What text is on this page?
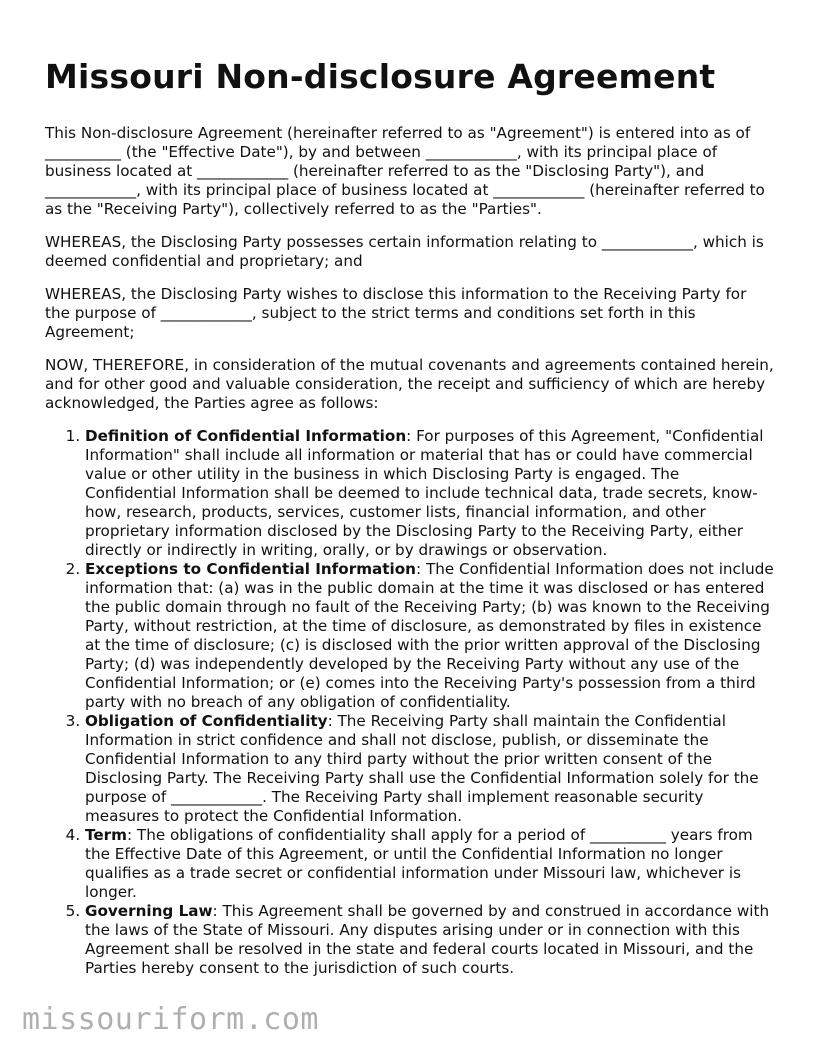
Missouri Non-disclosure Agreement

This Non-disclosure Agreement (hereinafter referred to as "Agreement") is entered into as of __________ (the "Effective Date"), by and between ____________, with its principal place of business located at ____________ (hereinafter referred to as the "Disclosing Party"), and ____________, with its principal place of business located at ____________ (hereinafter referred to as the "Receiving Party"), collectively referred to as the "Parties".

WHEREAS, the Disclosing Party possesses certain information relating to ____________, which is deemed confidential and proprietary; and

WHEREAS, the Disclosing Party wishes to disclose this information to the Receiving Party for the purpose of ____________, subject to the strict terms and conditions set forth in this Agreement;

NOW, THEREFORE, in consideration of the mutual covenants and agreements contained herein, and for other good and valuable consideration, the receipt and sufficiency of which are hereby acknowledged, the Parties agree as follows:

1. Definition of Confidential Information: For purposes of this Agreement, "Confidential Information" shall include all information or material that has or could have commercial value or other utility in the business in which Disclosing Party is engaged. The Confidential Information shall be deemed to include technical data, trade secrets, know-how, research, products, services, customer lists, financial information, and other proprietary information disclosed by the Disclosing Party to the Receiving Party, either directly or indirectly in writing, orally, or by drawings or observation.
2. Exceptions to Confidential Information: The Confidential Information does not include information that: (a) was in the public domain at the time it was disclosed or has entered the public domain through no fault of the Receiving Party; (b) was known to the Receiving Party, without restriction, at the time of disclosure, as demonstrated by files in existence at the time of disclosure; (c) is disclosed with the prior written approval of the Disclosing Party; (d) was independently developed by the Receiving Party without any use of the Confidential Information; or (e) comes into the Receiving Party's possession from a third party with no breach of any obligation of confidentiality.
3. Obligation of Confidentiality: The Receiving Party shall maintain the Confidential Information in strict confidence and shall not disclose, publish, or disseminate the Confidential Information to any third party without the prior written consent of the Disclosing Party. The Receiving Party shall use the Confidential Information solely for the purpose of ____________. The Receiving Party shall implement reasonable security measures to protect the Confidential Information.
4. Term: The obligations of confidentiality shall apply for a period of __________ years from the Effective Date of this Agreement, or until the Confidential Information no longer qualifies as a trade secret or confidential information under Missouri law, whichever is longer.
5. Governing Law: This Agreement shall be governed by and construed in accordance with the laws of the State of Missouri. Any disputes arising under or in connection with this Agreement shall be resolved in the state and federal courts located in Missouri, and the Parties hereby consent to the jurisdiction of such courts.
missouriform.com
